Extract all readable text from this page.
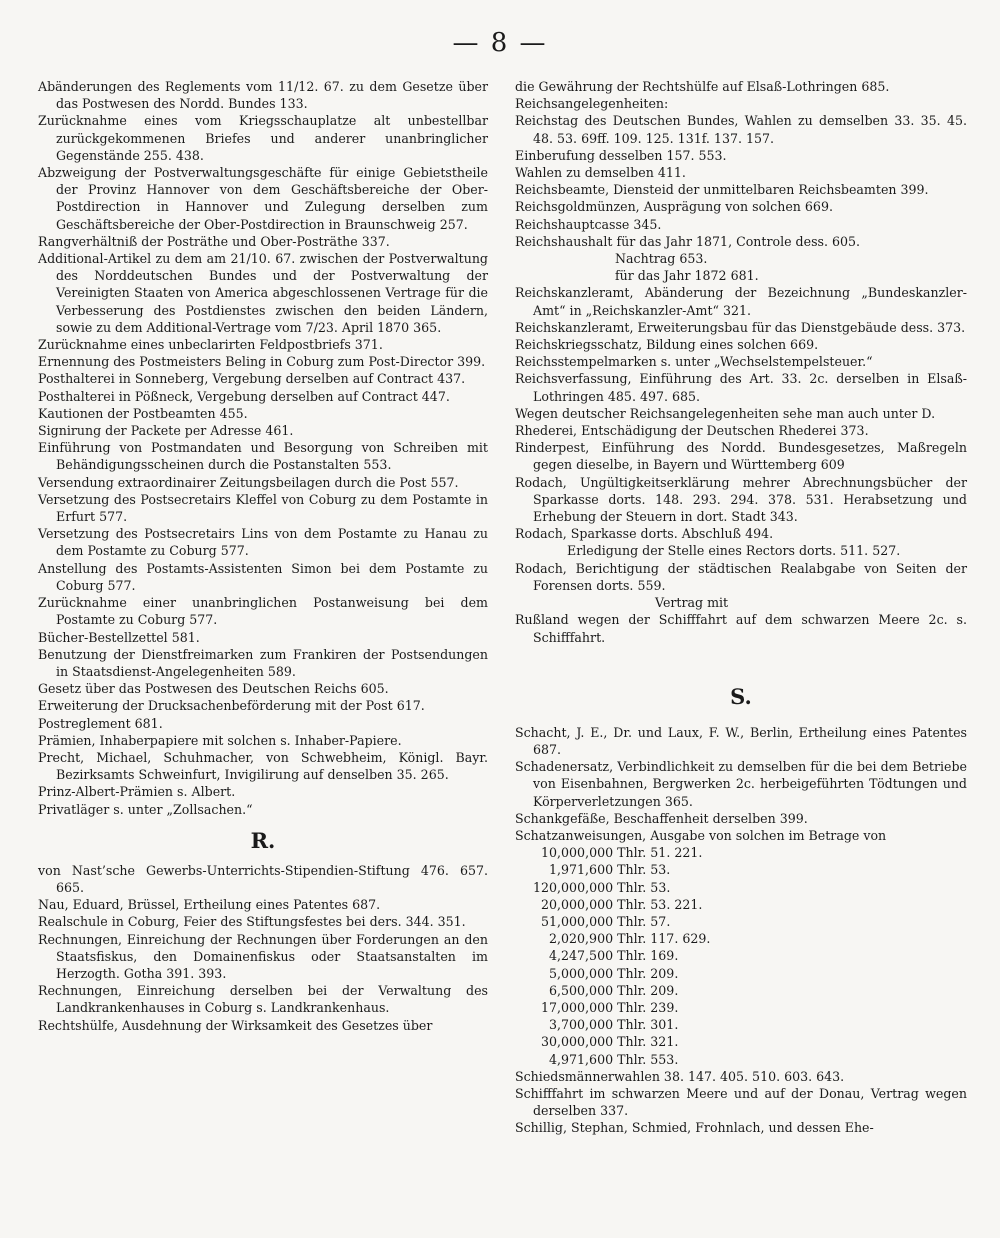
— 8 —

Abänderungen des Reglements vom 11/12. 67. zu dem Gesetze über das Postwesen des Nordd. Bundes 133.

Zurücknahme eines vom Kriegsschauplatze alt unbestellbar zurückgekommenen Briefes und anderer unanbringlicher Gegenstände 255. 438.

Abzweigung der Postverwaltungsgeschäfte für einige Gebietstheile der Provinz Hannover von dem Geschäftsbereiche der Ober-Postdirection in Hannover und Zulegung derselben zum Geschäftsbereiche der Ober-Postdirection in Braunschweig 257.

Rangverhältniß der Posträthe und Ober-Posträthe 337.

Additional-Artikel zu dem am 21/10. 67. zwischen der Postverwaltung des Norddeutschen Bundes und der Postverwaltung der Vereinigten Staaten von America abgeschlossenen Vertrage für die Verbesserung des Postdienstes zwischen den beiden Ländern, sowie zu dem Additional-Vertrage vom 7/23. April 1870 365.

Zurücknahme eines unbeclarirten Feldpostbriefs 371.

Ernennung des Postmeisters Beling in Coburg zum Post-Director 399.

Posthalterei in Sonneberg, Vergebung derselben auf Contract 437.

Posthalterei in Pößneck, Vergebung derselben auf Contract 447.

Kautionen der Postbeamten 455.

Signirung der Packete per Adresse 461.

Einführung von Postmandaten und Besorgung von Schreiben mit Behändigungsscheinen durch die Postanstalten 553.

Versendung extraordinairer Zeitungsbeilagen durch die Post 557.

Versetzung des Postsecretairs Kleffel von Coburg zu dem Postamte in Erfurt 577.

Versetzung des Postsecretairs Lins von dem Postamte zu Hanau zu dem Postamte zu Coburg 577.

Anstellung des Postamts-Assistenten Simon bei dem Postamte zu Coburg 577.

Zurücknahme einer unanbringlichen Postanweisung bei dem Postamte zu Coburg 577.

Bücher-Bestellzettel 581.

Benutzung der Dienstfreimarken zum Frankiren der Postsendungen in Staatsdienst-Angelegenheiten 589.

Gesetz über das Postwesen des Deutschen Reichs 605.

Erweiterung der Drucksachenbeförderung mit der Post 617.

Postreglement 681.

Prämien, Inhaberpapiere mit solchen s. Inhaber-Papiere.

Precht, Michael, Schuhmacher, von Schwebheim, Königl. Bayr. Bezirksamts Schweinfurt, Invigilirung auf denselben 35. 265.

Prinz-Albert-Prämien s. Albert.

Privatläger s. unter „Zollsachen.“

R.

von Nast’sche Gewerbs-Unterrichts-Stipendien-Stiftung 476. 657. 665.

Nau, Eduard, Brüssel, Ertheilung eines Patentes 687.

Realschule in Coburg, Feier des Stiftungsfestes bei ders. 344. 351.

Rechnungen, Einreichung der Rechnungen über Forderungen an den Staatsfiskus, den Domainenfiskus oder Staatsanstalten im Herzogth. Gotha 391. 393.

Rechnungen, Einreichung derselben bei der Verwaltung des Landkrankenhauses in Coburg s. Landkrankenhaus.

Rechtshülfe, Ausdehnung der Wirksamkeit des Gesetzes über

die Gewährung der Rechtshülfe auf Elsaß-Lothringen 685.

Reichsangelegenheiten:

Reichstag des Deutschen Bundes, Wahlen zu demselben 33. 35. 45. 48. 53. 69ff. 109. 125. 131f. 137. 157.

Einberufung desselben 157. 553.

Wahlen zu demselben 411.

Reichsbeamte, Diensteid der unmittelbaren Reichsbeamten 399.

Reichsgoldmünzen, Ausprägung von solchen 669.

Reichshauptcasse 345.

Reichshaushalt für das Jahr 1871, Controle dess. 605.

Nachtrag 653.

für das Jahr 1872 681.

Reichskanzleramt, Abänderung der Bezeichnung „Bundeskanzler-Amt“ in „Reichskanzler-Amt“ 321.

Reichskanzleramt, Erweiterungsbau für das Dienstgebäude dess. 373.

Reichskriegsschatz, Bildung eines solchen 669.

Reichsstempelmarken s. unter „Wechselstempelsteuer.“

Reichsverfassung, Einführung des Art. 33. 2c. derselben in Elsaß-Lothringen 485. 497. 685.

Wegen deutscher Reichsangelegenheiten sehe man auch unter D.

Rhederei, Entschädigung der Deutschen Rhederei 373.

Rinderpest, Einführung des Nordd. Bundesgesetzes, Maßregeln gegen dieselbe, in Bayern und Württemberg 609

Rodach, Ungültigkeitserklärung mehrer Abrechnungsbücher der Sparkasse dorts. 148. 293. 294. 378. 531. Herabsetzung und Erhebung der Steuern in dort. Stadt 343.

Rodach, Sparkasse dorts. Abschluß 494.

Erledigung der Stelle eines Rectors dorts. 511. 527.

Rodach, Berichtigung der städtischen Realabgabe von Seiten der Forensen dorts. 559.

Vertrag mit

Rußland wegen der Schifffahrt auf dem schwarzen Meere 2c. s. Schifffahrt.

S.

Schacht, J. E., Dr. und Laux, F. W., Berlin, Ertheilung eines Patentes 687.

Schadenersatz, Verbindlichkeit zu demselben für die bei dem Betriebe von Eisenbahnen, Bergwerken 2c. herbeigeführten Tödtungen und Körperverletzungen 365.

Schankgefäße, Beschaffenheit derselben 399.

Schatzanweisungen, Ausgabe von solchen im Betrage von

10,000,000 Thlr. 51. 221.

1,971,600 Thlr. 53.

120,000,000 Thlr. 53.

20,000,000 Thlr. 53. 221.

51,000,000 Thlr. 57.

2,020,900 Thlr. 117. 629.

4,247,500 Thlr. 169.

5,000,000 Thlr. 209.

6,500,000 Thlr. 209.

17,000,000 Thlr. 239.

3,700,000 Thlr. 301.

30,000,000 Thlr. 321.

4,971,600 Thlr. 553.

Schiedsmännerwahlen 38. 147. 405. 510. 603. 643.

Schifffahrt im schwarzen Meere und auf der Donau, Vertrag wegen derselben 337.

Schillig, Stephan, Schmied, Frohnlach, und dessen Ehe-
